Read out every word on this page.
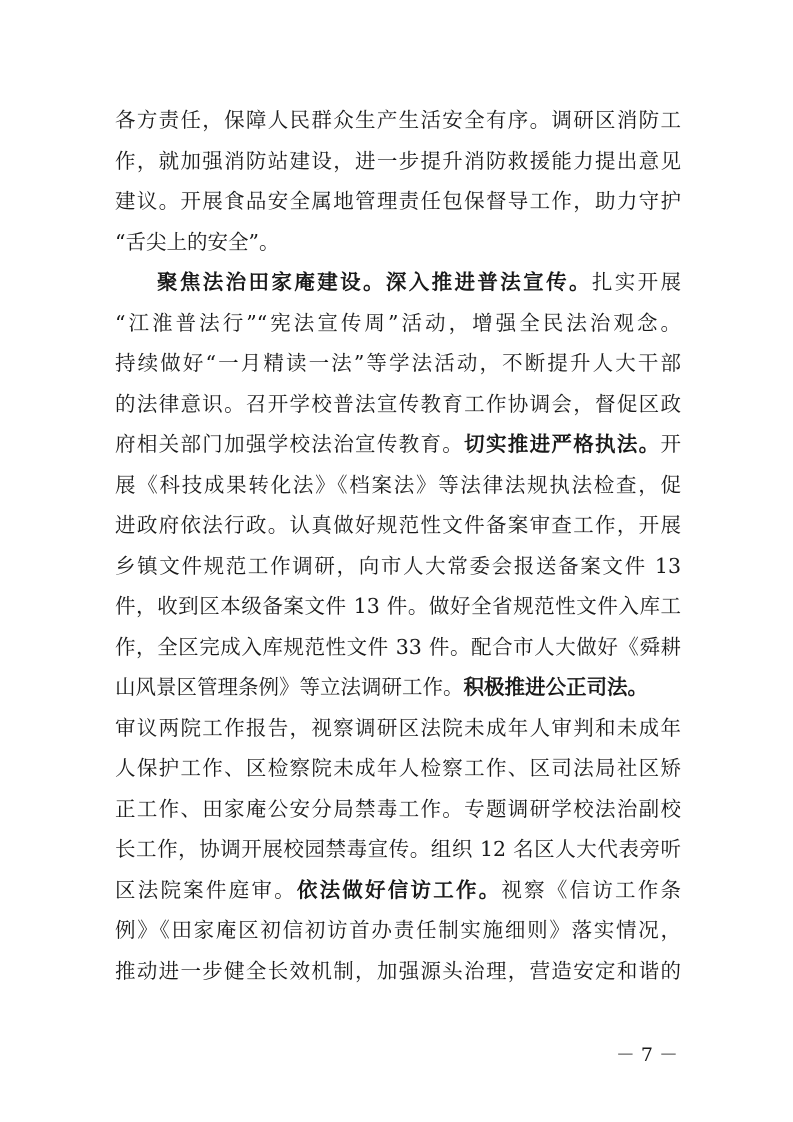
各方责任，保障人民群众生产生活安全有序。调研区消防工
作，就加强消防站建设，进一步提升消防救援能力提出意见
建议。开展食品安全属地管理责任包保督导工作，助力守护
“舌尖上的安全”。
聚焦法治田家庵建设。深入推进普法宣传。扎实开展
“江淮普法行”“宪法宣传周”活动，增强全民法治观念。
持续做好“一月精读一法”等学法活动，不断提升人大干部
的法律意识。召开学校普法宣传教育工作协调会，督促区政
府相关部门加强学校法治宣传教育。切实推进严格执法。开
展《科技成果转化法》《档案法》等法律法规执法检查，促
进政府依法行政。认真做好规范性文件备案审查工作，开展
乡镇文件规范工作调研，向市人大常委会报送备案文件 13
件，收到区本级备案文件 13 件。做好全省规范性文件入库工
作，全区完成入库规范性文件 33 件。配合市人大做好《舜耕
山风景区管理条例》等立法调研工作。积极推进公正司法。
审议两院工作报告，视察调研区法院未成年人审判和未成年
人保护工作、区检察院未成年人检察工作、区司法局社区矫
正工作、田家庵公安分局禁毒工作。专题调研学校法治副校
长工作，协调开展校园禁毒宣传。组织 12 名区人大代表旁听
区法院案件庭审。依法做好信访工作。视察《信访工作条
例》《田家庵区初信初访首办责任制实施细则》落实情况，
推动进一步健全长效机制，加强源头治理，营造安定和谐的
－ 7 －
